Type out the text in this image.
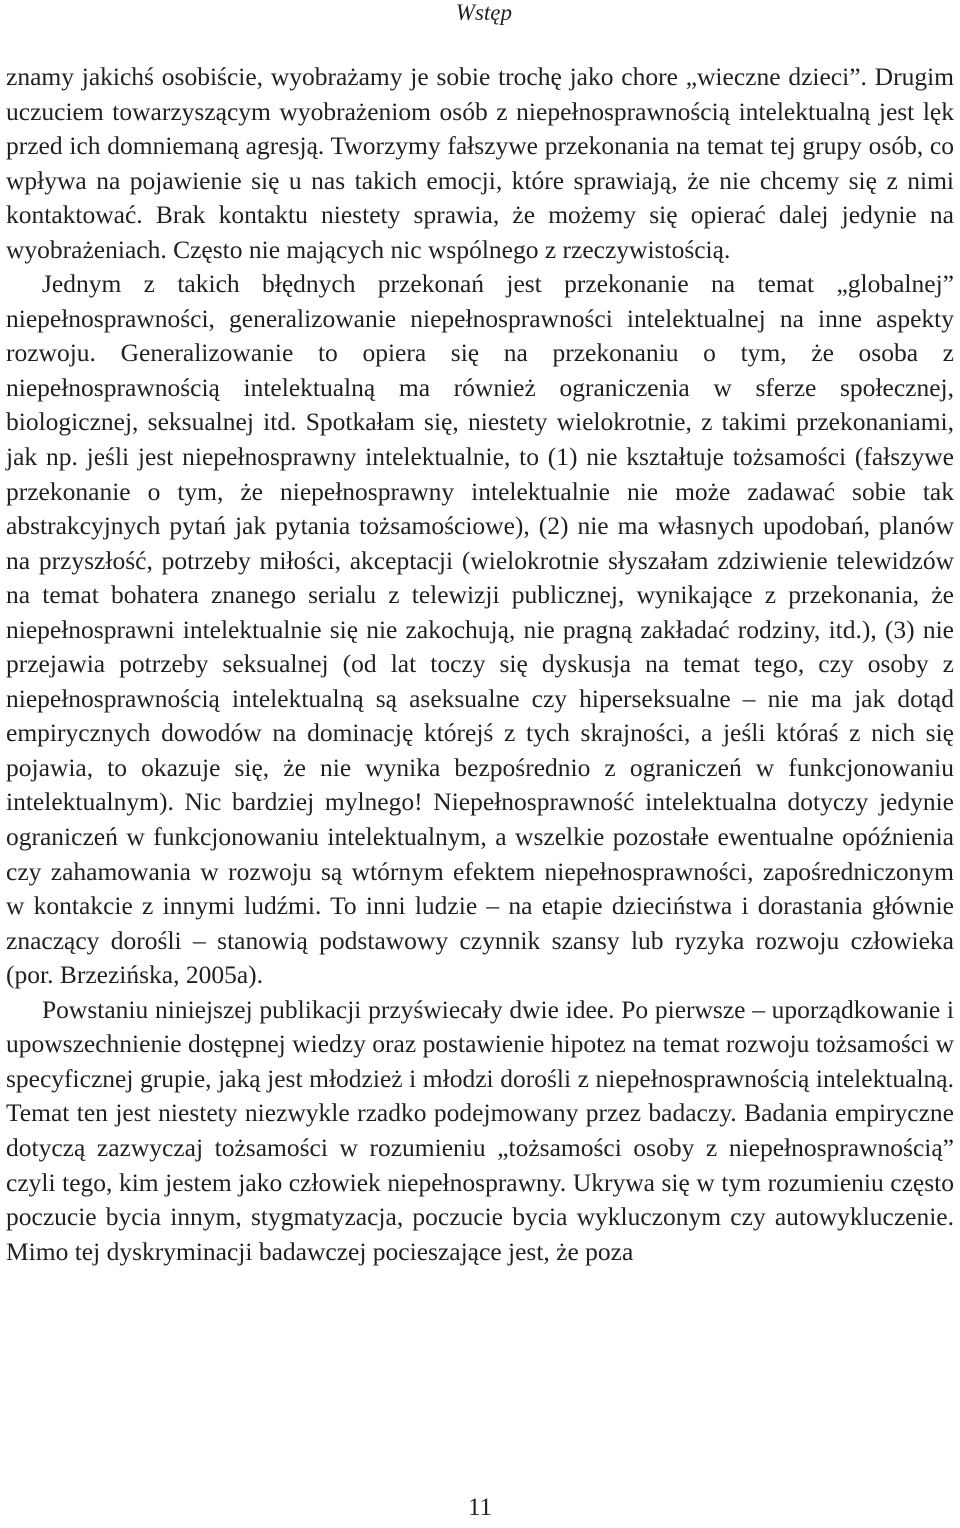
Wstęp

znamy jakichś osobiście, wyobrażamy je sobie trochę jako chore „wieczne dzieci”. Drugim uczuciem towarzyszącym wyobrażeniom osób z niepełnosprawnością intelektualną jest lęk przed ich domniemaną agresją. Tworzymy fałszywe przekonania na temat tej grupy osób, co wpływa na pojawienie się u nas takich emocji, które sprawiają, że nie chcemy się z nimi kontaktować. Brak kontaktu niestety sprawia, że możemy się opierać dalej jedynie na wyobrażeniach. Często nie mających nic wspólnego z rzeczywistością.

Jednym z takich błędnych przekonań jest przekonanie na temat „globalnej” niepełnosprawności, generalizowanie niepełnosprawności intelektualnej na inne aspekty rozwoju. Generalizowanie to opiera się na przekonaniu o tym, że osoba z niepełnosprawnością intelektualną ma również ograniczenia w sferze społecznej, biologicznej, seksualnej itd. Spotkałam się, niestety wielokrotnie, z takimi przekonaniami, jak np. jeśli jest niepełnosprawny intelektualnie, to (1) nie kształtuje tożsamości (fałszywe przekonanie o tym, że niepełnosprawny intelektualnie nie może zadawać sobie tak abstrakcyjnych pytań jak pytania tożsamościowe), (2) nie ma własnych upodobań, planów na przyszłość, potrzeby miłości, akceptacji (wielokrotnie słyszałam zdziwienie telewidzów na temat bohatera znanego serialu z telewizji publicznej, wynikające z przekonania, że niepełnosprawni intelektualnie się nie zakochują, nie pragną zakładać rodziny, itd.), (3) nie przejawia potrzeby seksualnej (od lat toczy się dyskusja na temat tego, czy osoby z niepełnosprawnością intelektualną są aseksualne czy hiperseksualne – nie ma jak dotąd empirycznych dowodów na dominację którejś z tych skrajności, a jeśli któraś z nich się pojawia, to okazuje się, że nie wynika bezpośrednio z ograniczeń w funkcjonowaniu intelektualnym). Nic bardziej mylnego! Niepełnosprawność intelektualna dotyczy jedynie ograniczeń w funkcjonowaniu intelektualnym, a wszelkie pozostałe ewentualne opóźnienia czy zahamowania w rozwoju są wtórnym efektem niepełnosprawności, zapośredniczonym w kontakcie z innymi ludźmi. To inni ludzie – na etapie dzieciństwa i dorastania głównie znaczący dorośli – stanowią podstawowy czynnik szansy lub ryzyka rozwoju człowieka (por. Brzezińska, 2005a).

Powstaniu niniejszej publikacji przyświecały dwie idee. Po pierwsze – uporządkowanie i upowszechnienie dostępnej wiedzy oraz postawienie hipotez na temat rozwoju tożsamości w specyficznej grupie, jaką jest młodzież i młodzi dorośli z niepełnosprawnością intelektualną. Temat ten jest niestety niezwykle rzadko podejmowany przez badaczy. Badania empiryczne dotyczą zazwyczaj tożsamości w rozumieniu „tożsamości osoby z niepełnosprawnością” czyli tego, kim jestem jako człowiek niepełnosprawny. Ukrywa się w tym rozumieniu często poczucie bycia innym, stygmatyzacja, poczucie bycia wykluczonym czy autowykluczenie. Mimo tej dyskryminacji badawczej pocieszające jest, że poza

11
